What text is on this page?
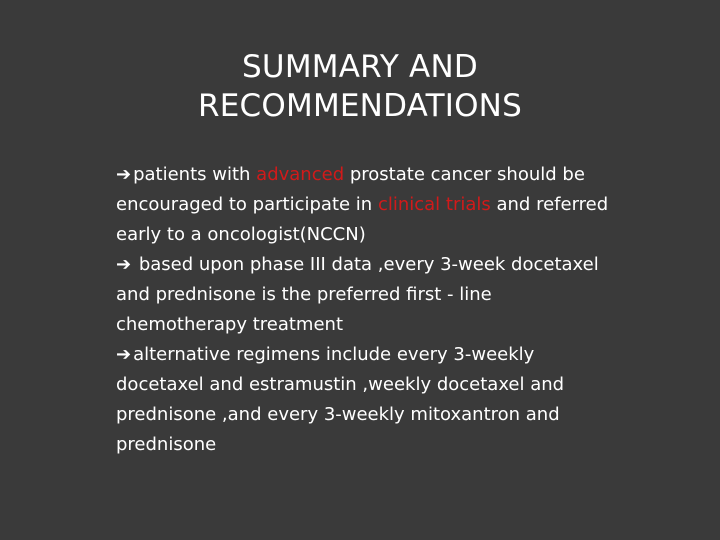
SUMMARY AND
RECOMMENDATIONS

➔ patients with advanced prostate cancer should be encouraged to participate in clinical trials and referred early to a oncologist(NCCN)

➔ based upon phase III data ,every 3-week docetaxel and prednisone is the preferred first - line chemotherapy treatment

➔ alternative regimens include every 3-weekly docetaxel and estramustin ,weekly docetaxel and prednisone ,and every 3-weekly mitoxantron and prednisone
